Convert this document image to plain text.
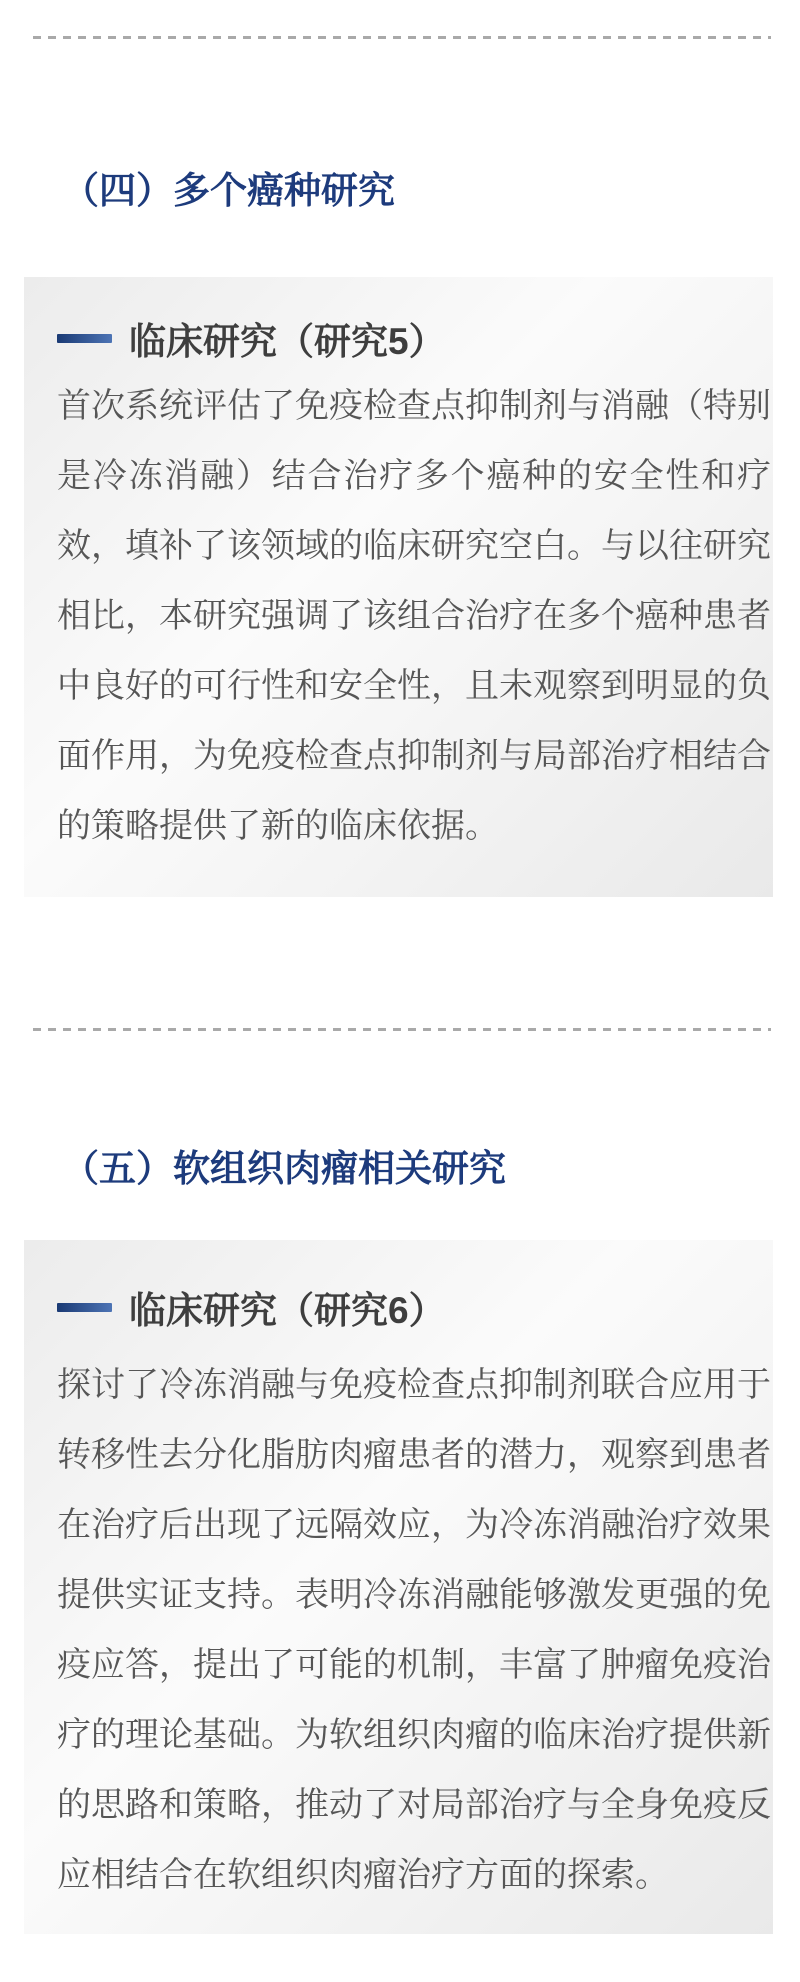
（四）多个癌种研究
临床研究（研究5）

首次系统评估了免疫检查点抑制剂与消融（特别是冷冻消融）结合治疗多个癌种的安全性和疗效，填补了该领域的临床研究空白。与以往研究相比，本研究强调了该组合治疗在多个癌种患者中良好的可行性和安全性，且未观察到明显的负面作用，为免疫检查点抑制剂与局部治疗相结合的策略提供了新的临床依据。

（五）软组织肉瘤相关研究
临床研究（研究6）

探讨了冷冻消融与免疫检查点抑制剂联合应用于转移性去分化脂肪肉瘤患者的潜力，观察到患者在治疗后出现了远隔效应，为冷冻消融治疗效果提供实证支持。表明冷冻消融能够激发更强的免疫应答，提出了可能的机制，丰富了肿瘤免疫治疗的理论基础。为软组织肉瘤的临床治疗提供新的思路和策略，推动了对局部治疗与全身免疫反应相结合在软组织肉瘤治疗方面的探索。
